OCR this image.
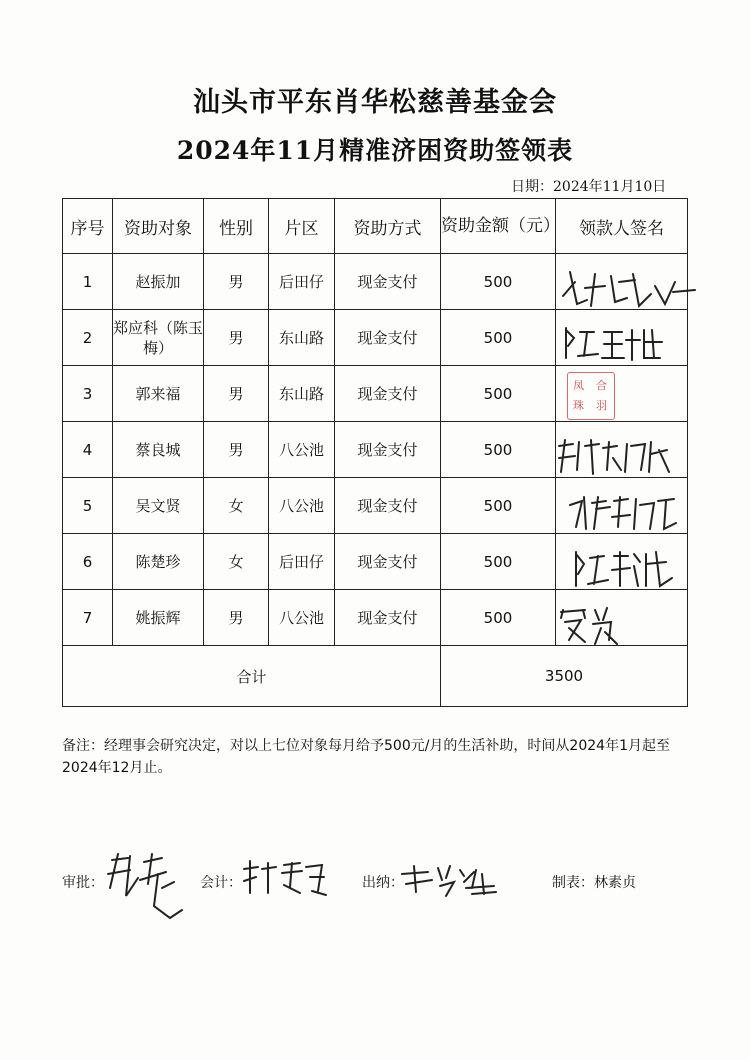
汕头市平东肖华松慈善基金会
2024年11月精准济困资助签领表
日期：2024年11月10日
序号	资助对象	性别	片区	资助方式	资助金额（元）	领款人签名
1	赵振加	男	后田仔	现金支付	500	
2	郑应科（陈玉梅）	男	东山路	现金支付	500	
3	郭来福	男	东山路	现金支付	500	
4	蔡良城	男	八公池	现金支付	500	
5	吴文贤	女	八公池	现金支付	500	
6	陈楚珍	女	后田仔	现金支付	500	
7	姚振辉	男	八公池	现金支付	500	
合计					3500	
凤
珠
合
羽
备注：经理事会研究决定，对以上七位对象每月给予500元/月的生活补助，时间从2024年1月起至2024年12月止。
审批：	会计：	出纳：	制表：林素贞
